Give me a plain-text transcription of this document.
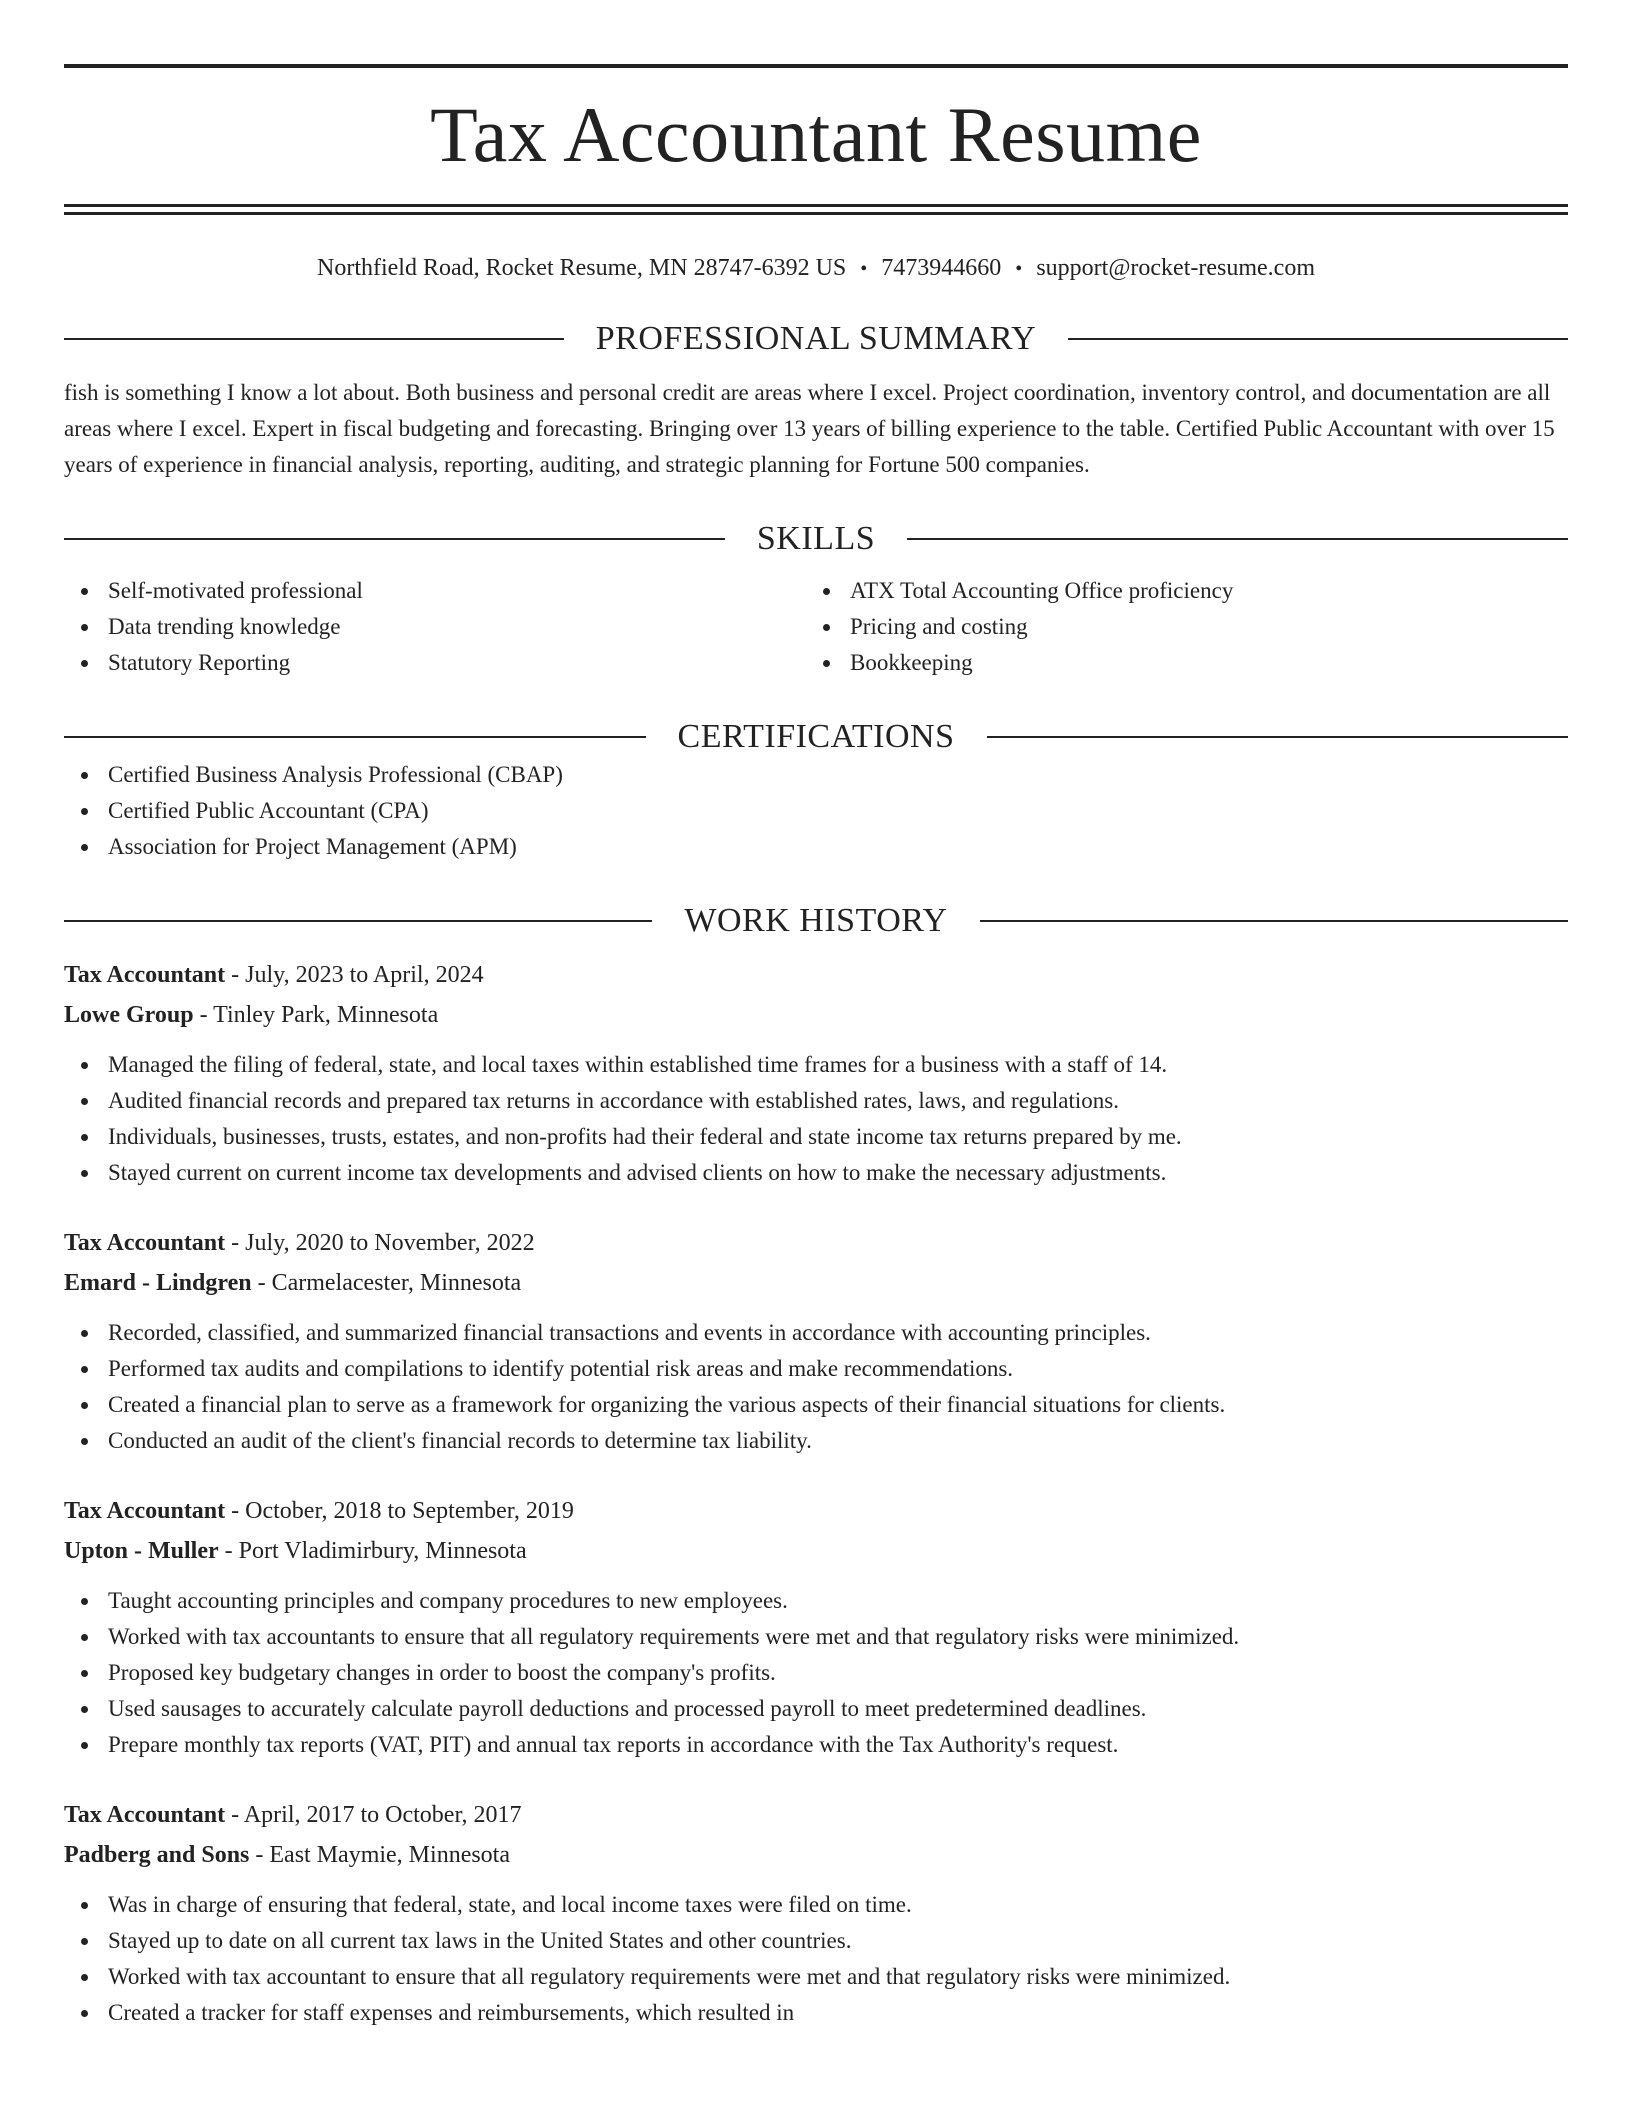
Tax Accountant Resume
Northfield Road, Rocket Resume, MN 28747-6392 US • 7473944660 • support@rocket-resume.com
PROFESSIONAL SUMMARY
fish is something I know a lot about. Both business and personal credit are areas where I excel. Project coordination, inventory control, and documentation are all areas where I excel. Expert in fiscal budgeting and forecasting. Bringing over 13 years of billing experience to the table. Certified Public Accountant with over 15 years of experience in financial analysis, reporting, auditing, and strategic planning for Fortune 500 companies.
SKILLS
Self-motivated professional
Data trending knowledge
Statutory Reporting
ATX Total Accounting Office proficiency
Pricing and costing
Bookkeeping
CERTIFICATIONS
Certified Business Analysis Professional (CBAP)
Certified Public Accountant (CPA)
Association for Project Management (APM)
WORK HISTORY
Tax Accountant - July, 2023 to April, 2024
Lowe Group - Tinley Park, Minnesota
Managed the filing of federal, state, and local taxes within established time frames for a business with a staff of 14.
Audited financial records and prepared tax returns in accordance with established rates, laws, and regulations.
Individuals, businesses, trusts, estates, and non-profits had their federal and state income tax returns prepared by me.
Stayed current on current income tax developments and advised clients on how to make the necessary adjustments.
Tax Accountant - July, 2020 to November, 2022
Emard - Lindgren - Carmelacester, Minnesota
Recorded, classified, and summarized financial transactions and events in accordance with accounting principles.
Performed tax audits and compilations to identify potential risk areas and make recommendations.
Created a financial plan to serve as a framework for organizing the various aspects of their financial situations for clients.
Conducted an audit of the client's financial records to determine tax liability.
Tax Accountant - October, 2018 to September, 2019
Upton - Muller - Port Vladimirbury, Minnesota
Taught accounting principles and company procedures to new employees.
Worked with tax accountants to ensure that all regulatory requirements were met and that regulatory risks were minimized.
Proposed key budgetary changes in order to boost the company's profits.
Used sausages to accurately calculate payroll deductions and processed payroll to meet predetermined deadlines.
Prepare monthly tax reports (VAT, PIT) and annual tax reports in accordance with the Tax Authority's request.
Tax Accountant - April, 2017 to October, 2017
Padberg and Sons - East Maymie, Minnesota
Was in charge of ensuring that federal, state, and local income taxes were filed on time.
Stayed up to date on all current tax laws in the United States and other countries.
Worked with tax accountant to ensure that all regulatory requirements were met and that regulatory risks were minimized.
Created a tracker for staff expenses and reimbursements, which resulted in
